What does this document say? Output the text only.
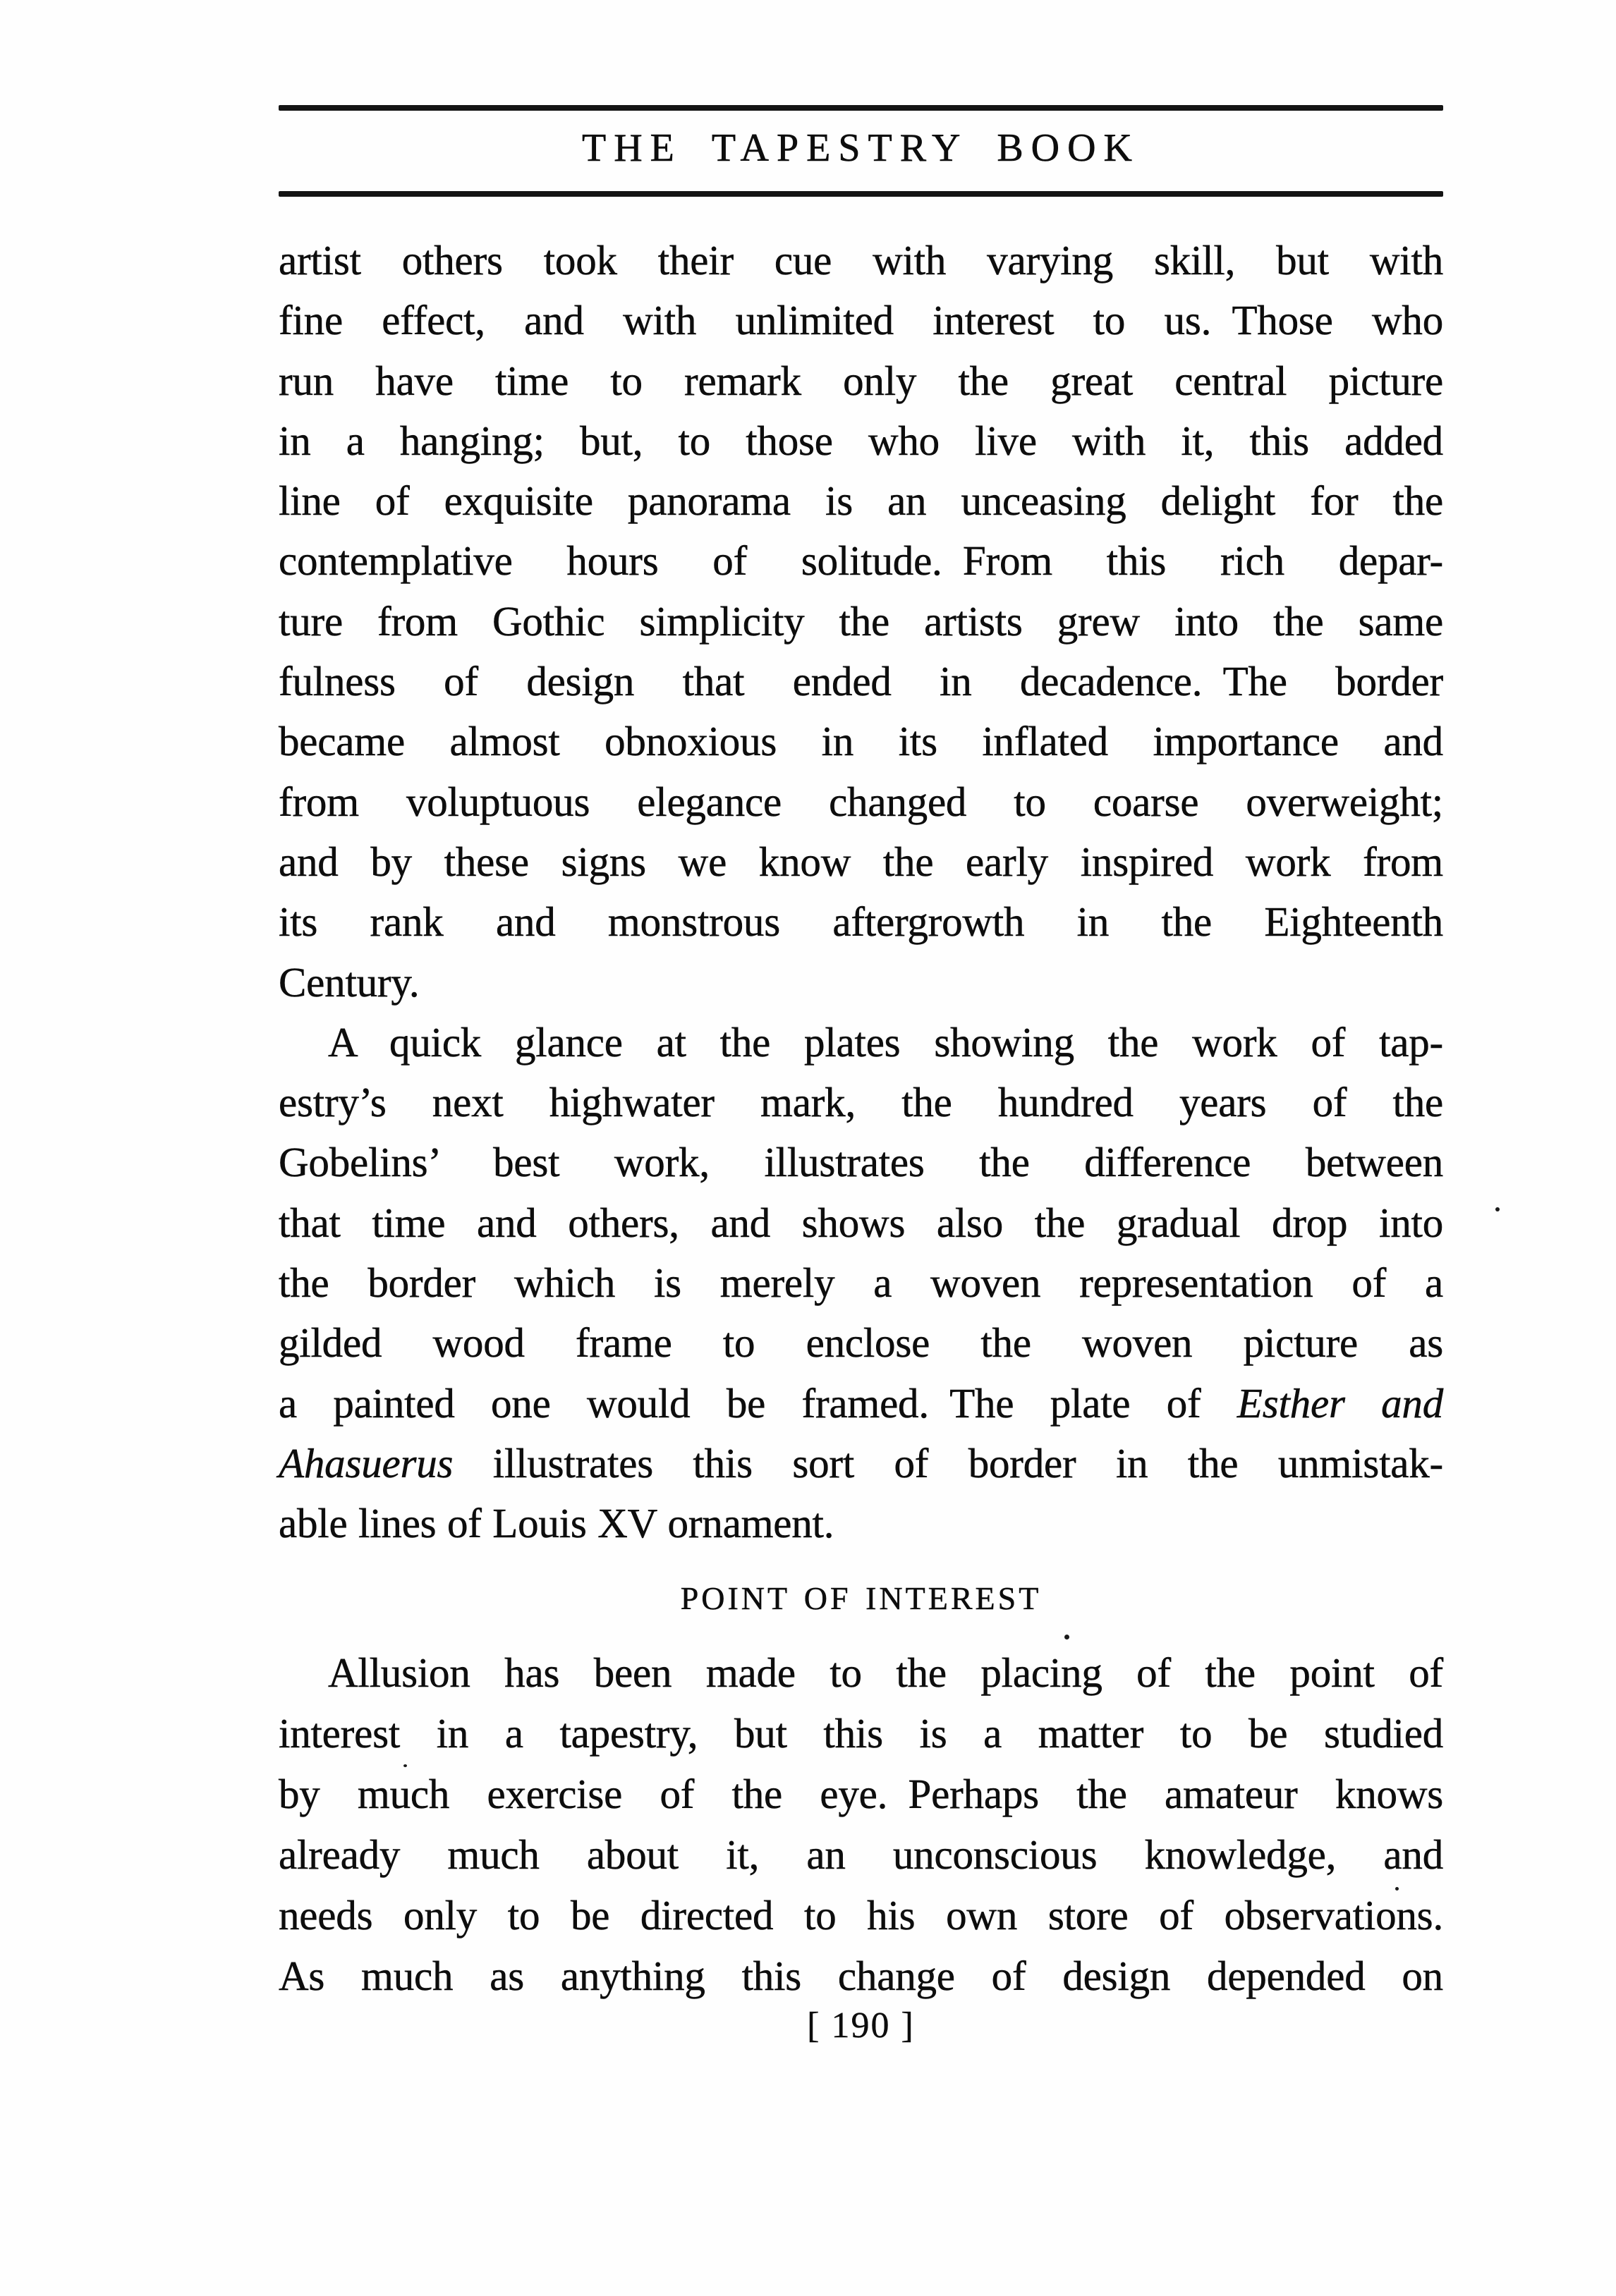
THE TAPESTRY BOOK
artist others took their cue with varying skill, but with
fine effect, and with unlimited interest to us. Those who
run have time to remark only the great central picture
in a hanging; but, to those who live with it, this added
line of exquisite panorama is an unceasing delight for the
contemplative hours of solitude. From this rich depar-
ture from Gothic simplicity the artists grew into the same
fulness of design that ended in decadence. The border
became almost obnoxious in its inflated importance and
from voluptuous elegance changed to coarse overweight;
and by these signs we know the early inspired work from
its rank and monstrous aftergrowth in the Eighteenth
Century.
A quick glance at the plates showing the work of tap-
estry’s next highwater mark, the hundred years of the
Gobelins’ best work, illustrates the difference between
that time and others, and shows also the gradual drop into
the border which is merely a woven representation of a
gilded wood frame to enclose the woven picture as
a painted one would be framed. The plate of Esther and
Ahasuerus illustrates this sort of border in the unmistak-
able lines of Louis XV ornament.
POINT OF INTEREST
Allusion has been made to the placing of the point of
interest in a tapestry, but this is a matter to be studied
by much exercise of the eye. Perhaps the amateur knows
already much about it, an unconscious knowledge, and
needs only to be directed to his own store of observations.
As much as anything this change of design depended on
[ 190 ]
